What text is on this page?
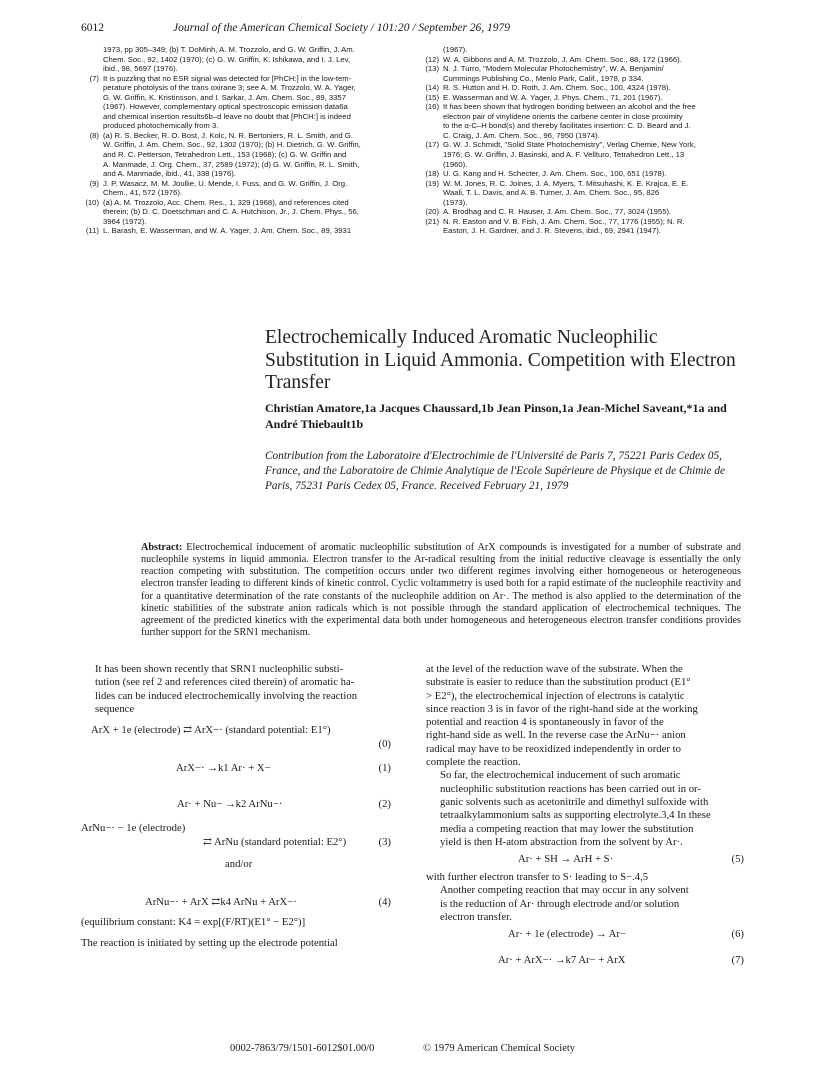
6012	Journal of the American Chemical Society / 101:20 / September 26, 1979
1973, pp 305–349; (b) T. DoMinh, A. M. Trozzolo, and G. W. Griffin, J. Am.
Chem. Soc., 92, 1402 (1970); (c) G. W. Griffin, K. Ishikawa, and I. J. Lev,
ibid., 98, 5697 (1976).
(7) It is puzzling that no ESR signal was detected for [PhCH:] in the low-tem-
perature photolysis of the trans oxirane 3; see A. M. Trozzolo, W. A. Yager,
G. W. Griffin, K. Kristinsson, and I. Sarkar, J. Am. Chem. Soc., 89, 3357
(1967). However, complementary optical spectroscopic emission data6a
and chemical insertion results6b–d leave no doubt that [PhCH:] is indeed
produced photochemically from 3.
(8) (a) R. S. Becker, R. O. Bost, J. Kolc, N. R. Bertoniers, R. L. Smith, and G.
W. Griffin, J. Am. Chem. Soc., 92, 1302 (1970); (b) H. Dietrich, G. W. Griffin,
and R. C. Petterson, Tetrahedron Lett., 153 (1968); (c) G. W. Griffin and
A. Manmade, J. Org. Chem., 37, 2589 (1972); (d) G. W. Griffin, R. L. Smith,
and A. Manmade, ibid., 41, 338 (1976).
(9) J. P. Wasacz, M. M. Joullie, U. Mende, I. Fuss, and G. W. Griffin, J. Org.
Chem., 41, 572 (1976).
(10) (a) A. M. Trozzolo, Acc. Chem. Res., 1, 329 (1968), and references cited
therein; (b) D. C. Doetschman and C. A. Hutchison, Jr., J. Chem. Phys., 56,
3964 (1972).
(11) L. Barash, E. Wasserman, and W. A. Yager, J. Am. Chem. Soc., 89, 3931
(1967).
(12) W. A. Gibbons and A. M. Trozzolo, J. Am. Chem. Soc., 88, 172 (1966).
(13) N. J. Turro, "Modern Molecular Photochemistry", W. A. Benjamin/
Cummings Publishing Co., Menlo Park, Calif., 1978, p 334.
(14) R. S. Hutton and H. D. Roth, J. Am. Chem. Soc., 100, 4324 (1978).
(15) E. Wasserman and W. A. Yager, J. Phys. Chem., 71, 201 (1967).
(16) It has been shown that hydrogen bonding between an alcohol and the free
electron pair of vinylidene orients the carbene center in close proximity
to the α-C–H bond(s) and thereby facilitates insertion: C. D. Beard and J.
C. Craig, J. Am. Chem. Soc., 96, 7950 (1974).
(17) G. W. J. Schmidt, "Solid State Photochemistry", Verlag Chemie, New York,
1976; G. W. Griffin, J. Basinski, and A. F. Vellturo, Tetrahedron Lett., 13
(1960).
(18) U. G. Kang and H. Schecter, J. Am. Chem. Soc., 100, 651 (1978).
(19) W. M. Jones, R. C. Joines, J. A. Myers, T. Mitsuhashi, K. E. Krajca, E. E.
Waali, T. L. Davis, and A. B. Turner, J. Am. Chem. Soc., 95, 826
(1973).
(20) A. Brodhag and C. R. Hauser, J. Am. Chem. Soc., 77, 3024 (1955).
(21) N. R. Easton and V. B. Fish, J. Am. Chem. Soc., 77, 1776 (1955); N. R.
Easton, J. H. Gardner, and J. R. Stevens, ibid., 69, 2941 (1947).
Electrochemically Induced Aromatic Nucleophilic Substitution in Liquid Ammonia. Competition with Electron Transfer
Christian Amatore,1a Jacques Chaussard,1b Jean Pinson,1a Jean-Michel Saveant,*1a and André Thiebault1b
Contribution from the Laboratoire d'Electrochimie de l'Université de Paris 7, 75221 Paris Cedex 05, France, and the Laboratoire de Chimie Analytique de l'Ecole Supérieure de Physique et de Chimie de Paris, 75231 Paris Cedex 05, France. Received February 21, 1979
Abstract: Electrochemical inducement of aromatic nucleophilic substitution of ArX compounds is investigated for a number of substrate and nucleophile systems in liquid ammonia. Electron transfer to the Ar-radical resulting from the initial reductive cleavage is essentially the only reaction competing with substitution. The competition occurs under two different regimes involving either homogeneous or heterogeneous electron transfer leading to different kinds of kinetic control. Cyclic voltammetry is used both for a rapid estimate of the nucleophile reactivity and for a quantitative determination of the rate constants of the nucleophile addition on Ar·. The method is also applied to the determination of the kinetic stabilities of the substrate anion radicals which is not possible through the standard application of electrochemical techniques. The agreement of the predicted kinetics with the experimental data both under homogeneous and heterogeneous electron transfer conditions provides further support for the SRN1 mechanism.
It has been shown recently that SRN1 nucleophilic substi-
tution (see ref 2 and references cited therein) of aromatic ha-
lides can be induced electrochemically involving the reaction
sequence
ArX + 1e (electrode) ⇄ ArX−· (standard potential: E1°)
(0)
ArX−· →k1 Ar· + X−	(1)
Ar· + Nu− →k2 ArNu−·	(2)
ArNu−· − 1e (electrode)
⇄ ArNu (standard potential: E2°)	(3)
and/or
ArNu−· + ArX ⇄k4 ArNu + ArX−·	(4)
(equilibrium constant: K4 = exp[(F/RT)(E1° − E2°)]
The reaction is initiated by setting up the electrode potential
at the level of the reduction wave of the substrate. When the
substrate is easier to reduce than the substitution product (E1°
> E2°), the electrochemical injection of electrons is catalytic
since reaction 3 is in favor of the right-hand side at the working
potential and reaction 4 is spontaneously in favor of the
right-hand side as well. In the reverse case the ArNu−· anion
radical may have to be reoxidized independently in order to
complete the reaction.
So far, the electrochemical inducement of such aromatic
nucleophilic substitution reactions has been carried out in or-
ganic solvents such as acetonitrile and dimethyl sulfoxide with
tetraalkylammonium salts as supporting electrolyte.3,4 In these
media a competing reaction that may lower the substitution
yield is then H-atom abstraction from the solvent by Ar·.
Ar· + SH → ArH + S·	(5)
with further electron transfer to S· leading to S−.4,5
Another competing reaction that may occur in any solvent
is the reduction of Ar· through electrode and/or solution
electron transfer.
Ar· + 1e (electrode) → Ar−	(6)
Ar· + ArX−· →k7 Ar− + ArX	(7)
0002-7863/79/1501-6012$01.00/0	© 1979 American Chemical Society
